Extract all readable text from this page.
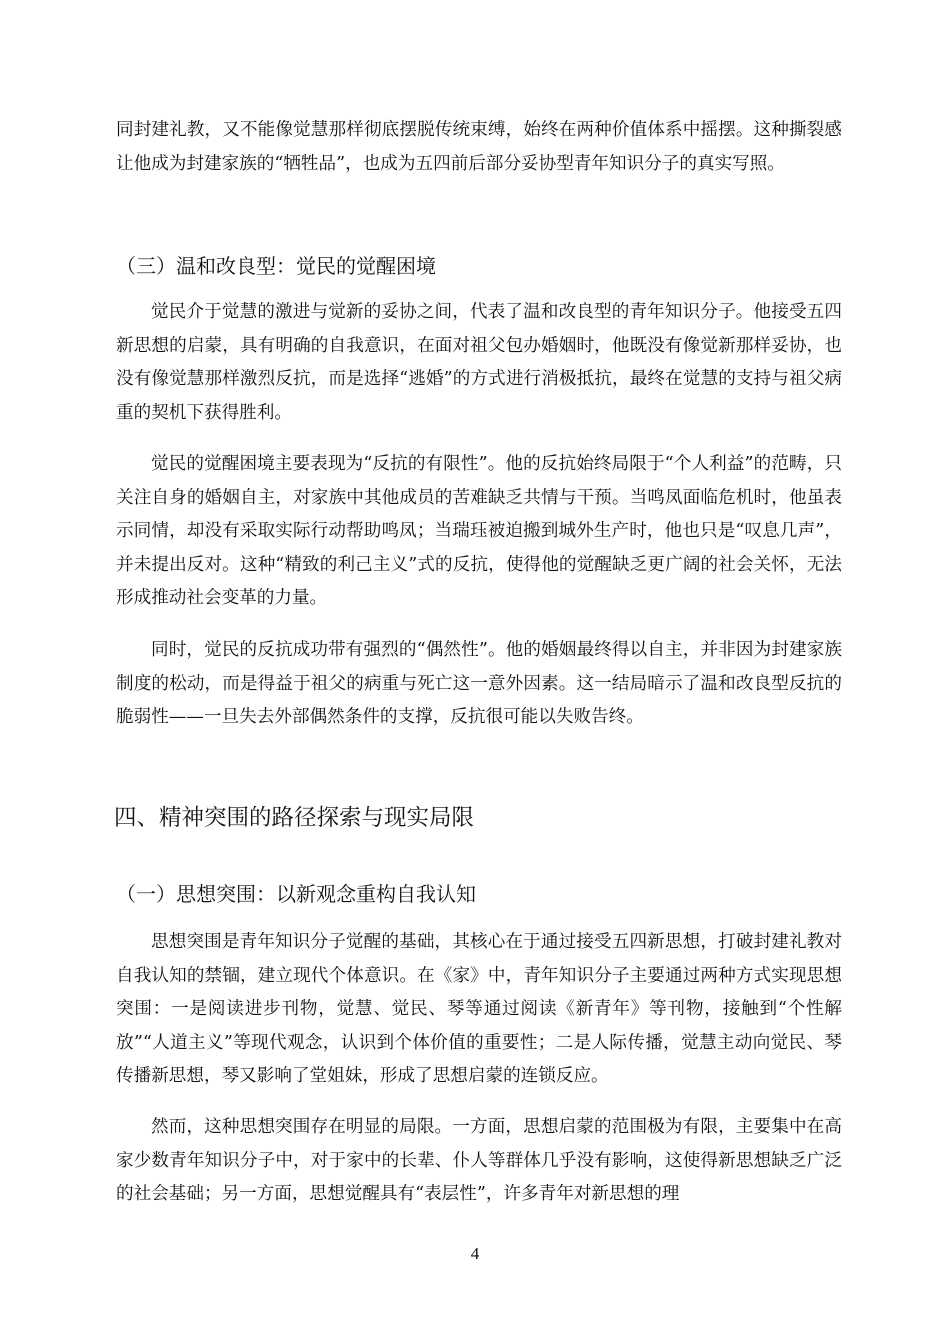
同封建礼教，又不能像觉慧那样彻底摆脱传统束缚，始终在两种价值体系中摇摆。这种撕裂感让他成为封建家族的“牺牲品”，也成为五四前后部分妥协型青年知识分子的真实写照。

（三）温和改良型：觉民的觉醒困境

觉民介于觉慧的激进与觉新的妥协之间，代表了温和改良型的青年知识分子。他接受五四新思想的启蒙，具有明确的自我意识，在面对祖父包办婚姻时，他既没有像觉新那样妥协，也没有像觉慧那样激烈反抗，而是选择“逃婚”的方式进行消极抵抗，最终在觉慧的支持与祖父病重的契机下获得胜利。

觉民的觉醒困境主要表现为“反抗的有限性”。他的反抗始终局限于“个人利益”的范畴，只关注自身的婚姻自主，对家族中其他成员的苦难缺乏共情与干预。当鸣凤面临危机时，他虽表示同情，却没有采取实际行动帮助鸣凤；当瑞珏被迫搬到城外生产时，他也只是“叹息几声”，并未提出反对。这种“精致的利己主义”式的反抗，使得他的觉醒缺乏更广阔的社会关怀，无法形成推动社会变革的力量。

同时，觉民的反抗成功带有强烈的“偶然性”。他的婚姻最终得以自主，并非因为封建家族制度的松动，而是得益于祖父的病重与死亡这一意外因素。这一结局暗示了温和改良型反抗的脆弱性——一旦失去外部偶然条件的支撑，反抗很可能以失败告终。

四、精神突围的路径探索与现实局限
（一）思想突围：以新观念重构自我认知

思想突围是青年知识分子觉醒的基础，其核心在于通过接受五四新思想，打破封建礼教对自我认知的禁锢，建立现代个体意识。在《家》中，青年知识分子主要通过两种方式实现思想突围：一是阅读进步刊物，觉慧、觉民、琴等通过阅读《新青年》等刊物，接触到“个性解放”“人道主义”等现代观念，认识到个体价值的重要性；二是人际传播，觉慧主动向觉民、琴传播新思想，琴又影响了堂姐妹，形成了思想启蒙的连锁反应。

然而，这种思想突围存在明显的局限。一方面，思想启蒙的范围极为有限，主要集中在高家少数青年知识分子中，对于家中的长辈、仆人等群体几乎没有影响，这使得新思想缺乏广泛的社会基础；另一方面，思想觉醒具有“表层性”，许多青年对新思想的理

4
